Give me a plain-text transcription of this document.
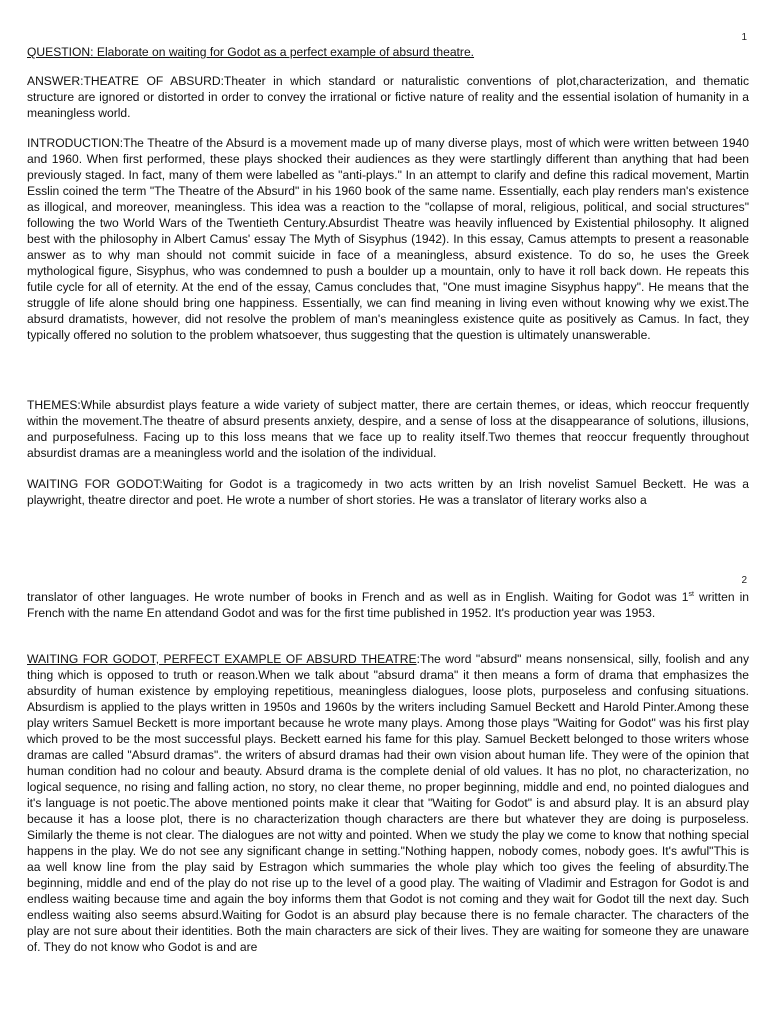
1

QUESTION: Elaborate on waiting for Godot as a perfect example of absurd theatre.

ANSWER:THEATRE OF ABSURD:Theater in which standard or naturalistic conventions of plot,characterization, and thematic structure are ignored or distorted in order to convey the irrational or fictive nature of reality and the essential isolation of humanity in a meaningless world.

INTRODUCTION:The Theatre of the Absurd is a movement made up of many diverse plays, most of which were written between 1940 and 1960. When first performed, these plays shocked their audiences as they were startlingly different than anything that had been previously staged. In fact, many of them were labelled as "anti-plays." In an attempt to clarify and define this radical movement, Martin Esslin coined the term "The Theatre of the Absurd" in his 1960 book of the same name. Essentially, each play renders man's existence as illogical, and moreover, meaningless. This idea was a reaction to the "collapse of moral, religious, political, and social structures" following the two World Wars of the Twentieth Century.Absurdist Theatre was heavily influenced by Existential philosophy. It aligned best with the philosophy in Albert Camus' essay The Myth of Sisyphus (1942). In this essay, Camus attempts to present a reasonable answer as to why man should not commit suicide in face of a meaningless, absurd existence. To do so, he uses the Greek mythological figure, Sisyphus, who was condemned to push a boulder up a mountain, only to have it roll back down. He repeats this futile cycle for all of eternity. At the end of the essay, Camus concludes that, "One must imagine Sisyphus happy". He means that the struggle of life alone should bring one happiness. Essentially, we can find meaning in living even without knowing why we exist.The absurd dramatists, however, did not resolve the problem of man's meaningless existence quite as positively as Camus. In fact, they typically offered no solution to the problem whatsoever, thus suggesting that the question is ultimately unanswerable.

THEMES:While absurdist plays feature a wide variety of subject matter, there are certain themes, or ideas, which reoccur frequently within the movement.The theatre of absurd presents anxiety, despire, and a sense of loss at the disappearance of solutions, illusions, and purposefulness. Facing up to this loss means that we face up to reality itself.Two themes that reoccur frequently throughout absurdist dramas are a meaningless world and the isolation of the individual.

WAITING FOR GODOT:Waiting for Godot is a tragicomedy in two acts written by an Irish novelist Samuel Beckett. He was a playwright, theatre director and poet. He wrote a number of short stories. He was a translator of literary works also a

2

translator of other languages. He wrote number of books in French and as well as in English. Waiting for Godot was 1st written in French with the name En attendand Godot and was for the first time published in 1952. It's production year was 1953.

WAITING FOR GODOT, PERFECT EXAMPLE OF ABSURD THEATRE:The word "absurd" means nonsensical, silly, foolish and any thing which is opposed to truth or reason.When we talk about "absurd drama" it then means a form of drama that emphasizes the absurdity of human existence by employing repetitious, meaningless dialogues, loose plots, purposeless and confusing situations. Absurdism is applied to the plays written in 1950s and 1960s by the writers including Samuel Beckett and Harold Pinter.Among these play writers Samuel Beckett is more important because he wrote many plays. Among those plays "Waiting for Godot" was his first play which proved to be the most successful plays. Beckett earned his fame for this play. Samuel Beckett belonged to those writers whose dramas are called "Absurd dramas". the writers of absurd dramas had their own vision about human life. They were of the opinion that human condition had no colour and beauty. Absurd drama is the complete denial of old values. It has no plot, no characterization, no logical sequence, no rising and falling action, no story, no clear theme, no proper beginning, middle and end, no pointed dialogues and it's language is not poetic.The above mentioned points make it clear that "Waiting for Godot" is and absurd play. It is an absurd play because it has a loose plot, there is no characterization though characters are there but whatever they are doing is purposeless. Similarly the theme is not clear. The dialogues are not witty and pointed. When we study the play we come to know that nothing special happens in the play. We do not see any significant change in setting."Nothing happen, nobody comes, nobody goes. It's awful"This is aa well know line from the play said by Estragon which summaries the whole play which too gives the feeling of absurdity.The beginning, middle and end of the play do not rise up to the level of a good play. The waiting of Vladimir and Estragon for Godot is and endless waiting because time and again the boy informs them that Godot is not coming and they wait for Godot till the next day. Such endless waiting also seems absurd.Waiting for Godot is an absurd play because there is no female character. The characters of the play are not sure about their identities. Both the main characters are sick of their lives. They are waiting for someone they are unaware of. They do not know who Godot is and are
